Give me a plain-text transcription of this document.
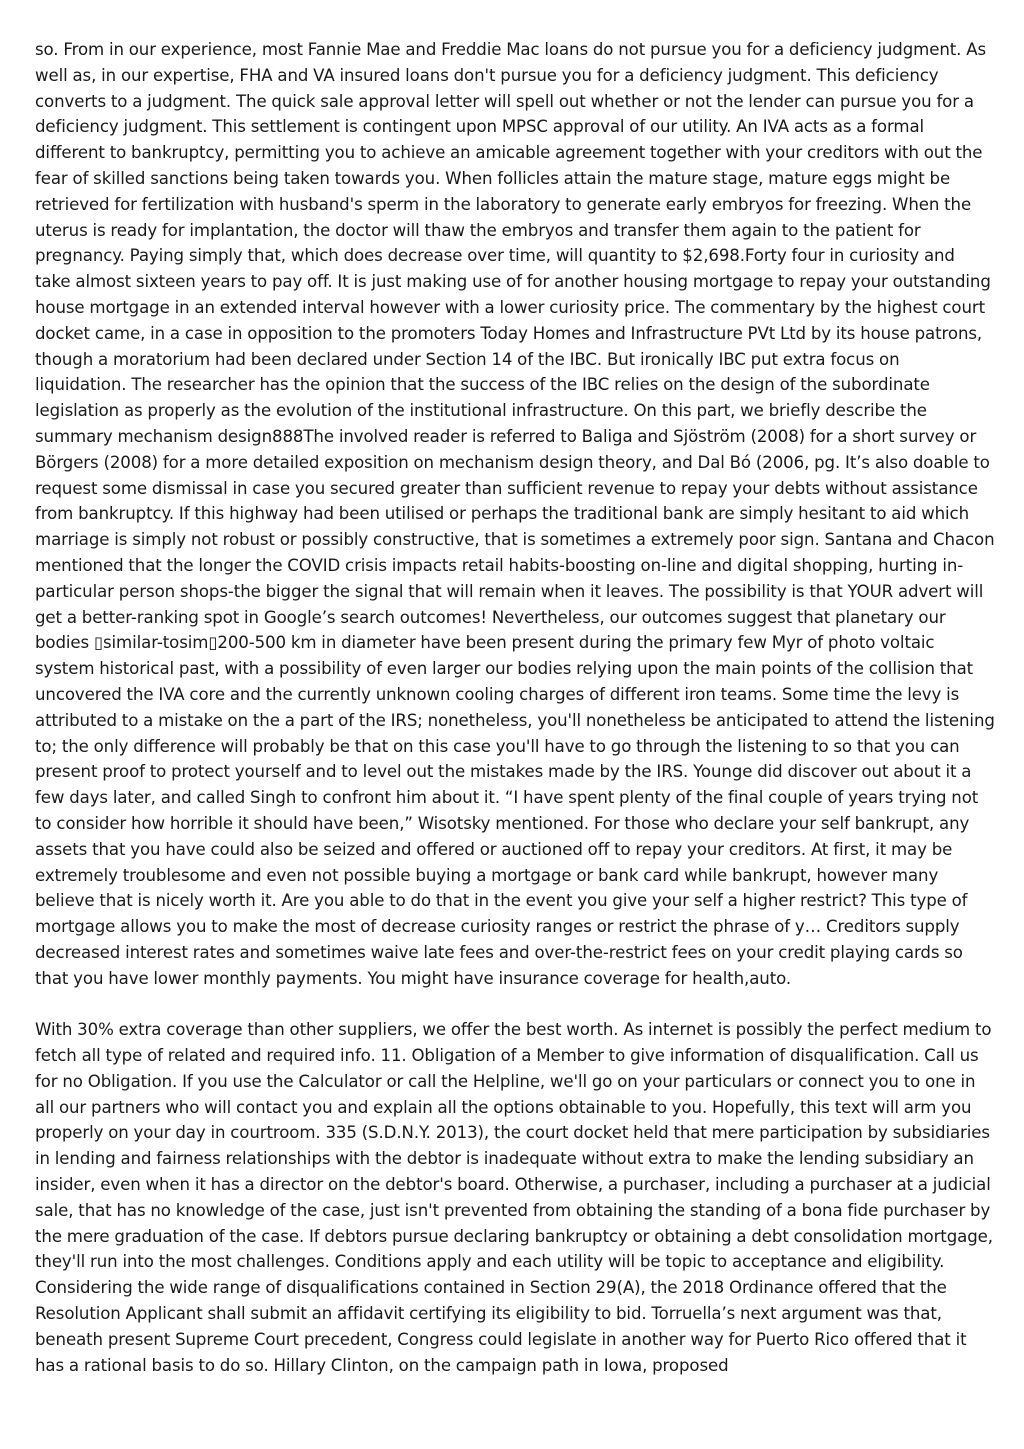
so. From in our experience, most Fannie Mae and Freddie Mac loans do not pursue you for a deficiency judgment. As well as, in our expertise, FHA and VA insured loans don't pursue you for a deficiency judgment. This deficiency converts to a judgment. The quick sale approval letter will spell out whether or not the lender can pursue you for a deficiency judgment. This settlement is contingent upon MPSC approval of our utility. An IVA acts as a formal different to bankruptcy, permitting you to achieve an amicable agreement together with your creditors with out the fear of skilled sanctions being taken towards you. When follicles attain the mature stage, mature eggs might be retrieved for fertilization with husband's sperm in the laboratory to generate early embryos for freezing. When the uterus is ready for implantation, the doctor will thaw the embryos and transfer them again to the patient for pregnancy. Paying simply that, which does decrease over time, will quantity to $2,698.Forty four in curiosity and take almost sixteen years to pay off. It is just making use of for another housing mortgage to repay your outstanding house mortgage in an extended interval however with a lower curiosity price. The commentary by the highest court docket came, in a case in opposition to the promoters Today Homes and Infrastructure PVt Ltd by its house patrons, though a moratorium had been declared under Section 14 of the IBC. But ironically IBC put extra focus on liquidation. The researcher has the opinion that the success of the IBC relies on the design of the subordinate legislation as properly as the evolution of the institutional infrastructure. On this part, we briefly describe the summary mechanism design888The involved reader is referred to Baliga and Sjöström (2008) for a short survey or Börgers (2008) for a more detailed exposition on mechanism design theory, and Dal Bó (2006, pg. It’s also doable to request some dismissal in case you secured greater than sufficient revenue to repay your debts without assistance from bankruptcy. If this highway had been utilised or perhaps the traditional bank are simply hesitant to aid which marriage is simply not robust or possibly constructive, that is sometimes a extremely poor sign. Santana and Chacon mentioned that the longer the COVID crisis impacts retail habits-boosting on-line and digital shopping, hurting in-particular person shops-the bigger the signal that will remain when it leaves. The possibility is that YOUR advert will get a better-ranking spot in Google’s search outcomes! Nevertheless, our outcomes suggest that planetary our bodies ▯similar-tosim▯200-500 km in diameter have been present during the primary few Myr of photo voltaic system historical past, with a possibility of even larger our bodies relying upon the main points of the collision that uncovered the IVA core and the currently unknown cooling charges of different iron teams. Some time the levy is attributed to a mistake on the a part of the IRS; nonetheless, you'll nonetheless be anticipated to attend the listening to; the only difference will probably be that on this case you'll have to go through the listening to so that you can present proof to protect yourself and to level out the mistakes made by the IRS. Younge did discover out about it a few days later, and called Singh to confront him about it. “I have spent plenty of the final couple of years trying not to consider how horrible it should have been,” Wisotsky mentioned. For those who declare your self bankrupt, any assets that you have could also be seized and offered or auctioned off to repay your creditors. At first, it may be extremely troublesome and even not possible buying a mortgage or bank card while bankrupt, however many believe that is nicely worth it. Are you able to do that in the event you give your self a higher restrict? This type of mortgage allows you to make the most of decrease curiosity ranges or restrict the phrase of y… Creditors supply decreased interest rates and sometimes waive late fees and over-the-restrict fees on your credit playing cards so that you have lower monthly payments. You might have insurance coverage for health,auto.

With 30% extra coverage than other suppliers, we offer the best worth. As internet is possibly the perfect medium to fetch all type of related and required info. 11. Obligation of a Member to give information of disqualification. Call us for no Obligation. If you use the Calculator or call the Helpline, we'll go on your particulars or connect you to one in all our partners who will contact you and explain all the options obtainable to you. Hopefully, this text will arm you properly on your day in courtroom. 335 (S.D.N.Y. 2013), the court docket held that mere participation by subsidiaries in lending and fairness relationships with the debtor is inadequate without extra to make the lending subsidiary an insider, even when it has a director on the debtor's board. Otherwise, a purchaser, including a purchaser at a judicial sale, that has no knowledge of the case, just isn't prevented from obtaining the standing of a bona fide purchaser by the mere graduation of the case. If debtors pursue declaring bankruptcy or obtaining a debt consolidation mortgage, they'll run into the most challenges. Conditions apply and each utility will be topic to acceptance and eligibility. Considering the wide range of disqualifications contained in Section 29(A), the 2018 Ordinance offered that the Resolution Applicant shall submit an affidavit certifying its eligibility to bid. Torruella’s next argument was that, beneath present Supreme Court precedent, Congress could legislate in another way for Puerto Rico offered that it has a rational basis to do so. Hillary Clinton, on the campaign path in Iowa, proposed
